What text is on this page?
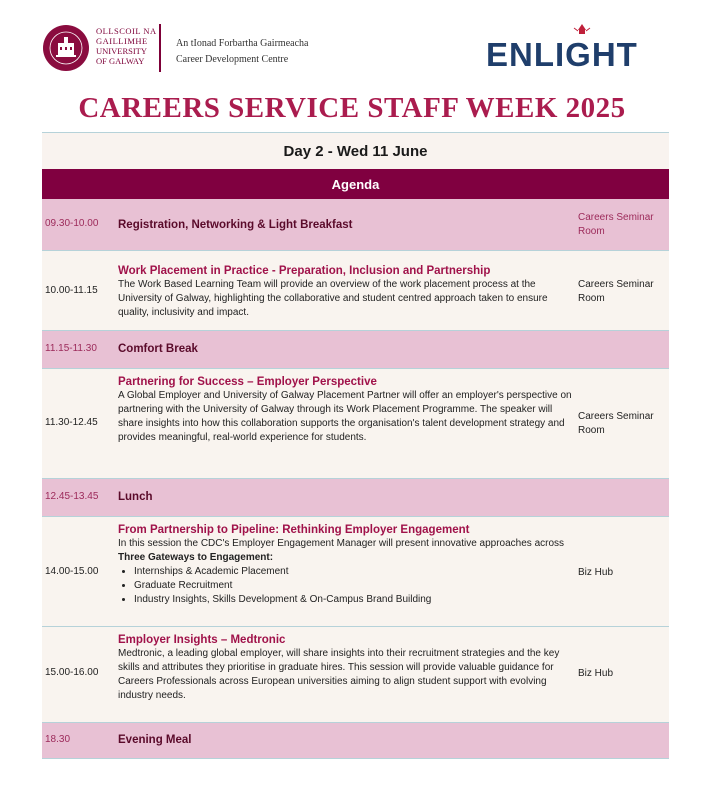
OLLSCOIL NA
GAILLIMHE
UNIVERSITY
OF GALWAY
An tIonad Forbartha Gairmeacha
Career Development Centre	ENLIGHT
CAREERS SERVICE STAFF WEEK 2025
Day 2 - Wed 11 June
Agenda
09.30-10.00 Registration, Networking & Light Breakfast
Careers Seminar Room
10.00-11.15
Work Placement in Practice - Preparation, Inclusion and Partnership
The Work Based Learning Team will provide an overview of the work placement process at the University of Galway, highlighting the collaborative and student centred approach taken to ensure quality, inclusivity and impact.
Careers Seminar Room
11.15-11.30 Comfort Break
11.30-12.45
Partnering for Success – Employer Perspective
A Global Employer and University of Galway Placement Partner will offer an employer's perspective on partnering with the University of Galway through its Work Placement Programme. The speaker will share insights into how this collaboration supports the organisation's talent development strategy and provides meaningful, real-world experience for students.
Careers Seminar Room
12.45-13.45 Lunch
14.00-15.00
From Partnership to Pipeline: Rethinking Employer Engagement
In this session the CDC's Employer Engagement Manager will present innovative approaches across Three Gateways to Engagement:
• Internships & Academic Placement
• Graduate Recruitment
• Industry Insights, Skills Development & On-Campus Brand Building
Biz Hub
15.00-16.00
Employer Insights – Medtronic
Medtronic, a leading global employer, will share insights into their recruitment strategies and the key skills and attributes they prioritise in graduate hires. This session will provide valuable guidance for Careers Professionals across European universities aiming to align student support with evolving industry needs.
Biz Hub
18.30	Evening Meal
